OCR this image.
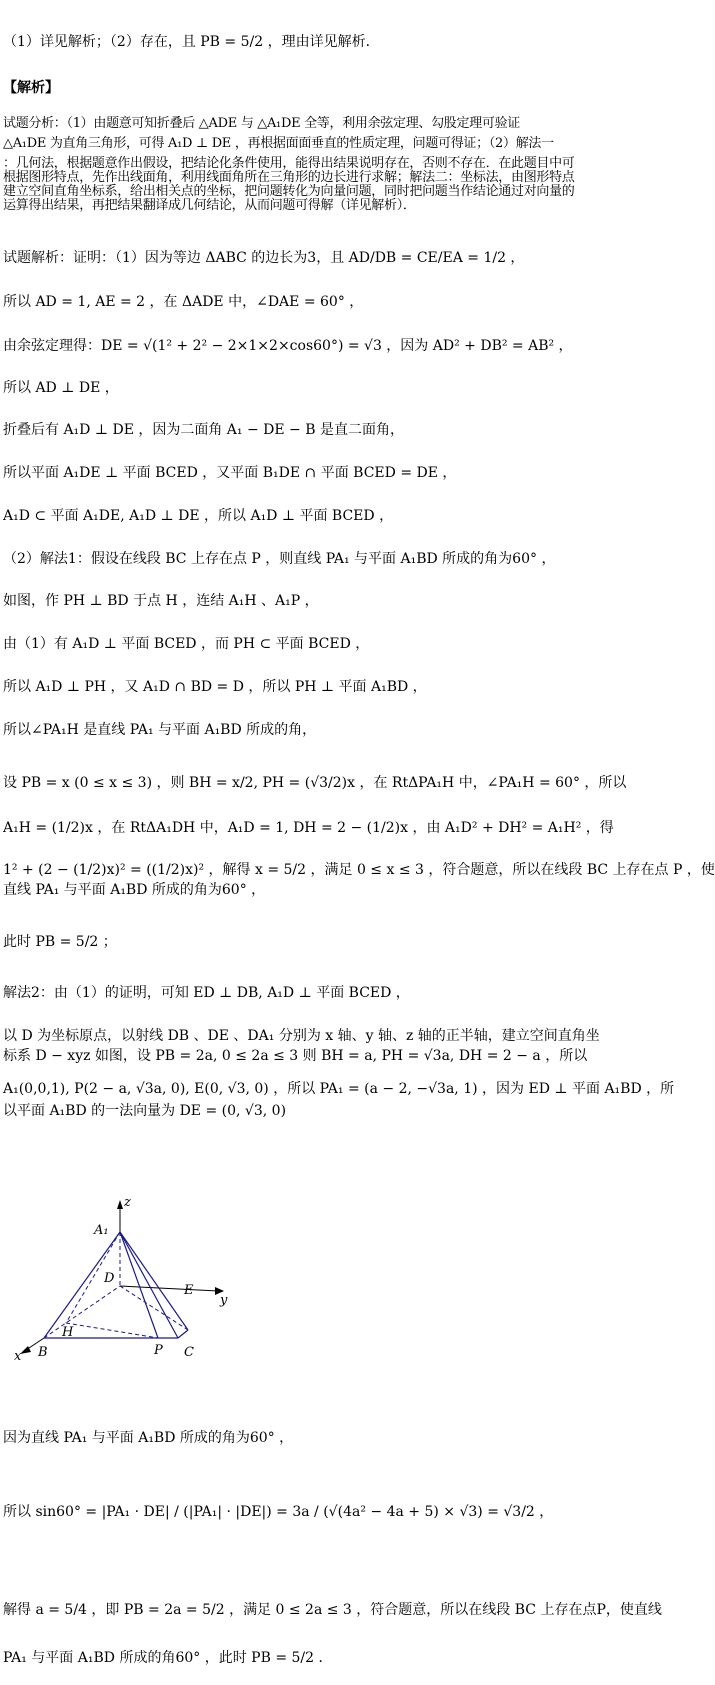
（1）详见解析；（2）存在，且 PB = 5/2 ，理由详见解析．
【解析】
试题分析：（1）由题意可知折叠后 △ADE 与 △A₁DE 全等，利用余弦定理、勾股定理可验证
△A₁DE 为直角三角形，可得 A₁D ⊥ DE ，再根据面面垂直的性质定理，问题可得证；（2）解法一
：几何法，根据题意作出假设，把结论化条件使用，能得出结果说明存在，否则不存在．在此题目中可
根据图形特点，先作出线面角，利用线面角所在三角形的边长进行求解；解法二：坐标法，由图形特点
建立空间直角坐标系，给出相关点的坐标，把问题转化为向量问题，同时把问题当作结论通过对向量的
运算得出结果，再把结果翻译成几何结论，从而问题可得解（详见解析）．
试题解析：证明：（1）因为等边 ΔABC 的边长为3，且 AD/DB = CE/EA = 1/2 ，
所以 AD = 1, AE = 2 ，在 ΔADE 中，∠DAE = 60° ，
由余弦定理得：DE = √(1² + 2² − 2×1×2×cos60°) = √3 ，因为 AD² + DB² = AB² ，
所以 AD ⊥ DE ，
折叠后有 A₁D ⊥ DE ，因为二面角 A₁ − DE − B 是直二面角，
所以平面 A₁DE ⊥ 平面 BCED ，又平面 B₁DE ∩ 平面 BCED = DE ，
A₁D ⊂ 平面 A₁DE, A₁D ⊥ DE ，所以 A₁D ⊥ 平面 BCED ，
（2）解法1：假设在线段 BC 上存在点 P ，则直线 PA₁ 与平面 A₁BD 所成的角为60° ，
如图，作 PH ⊥ BD 于点 H ，连结 A₁H 、A₁P ，
由（1）有 A₁D ⊥ 平面 BCED ，而 PH ⊂ 平面 BCED ，
所以 A₁D ⊥ PH ，又 A₁D ∩ BD = D ，所以 PH ⊥ 平面 A₁BD ，
所以∠PA₁H 是直线 PA₁ 与平面 A₁BD 所成的角，
设 PB = x (0 ≤ x ≤ 3) ，则 BH = x/2, PH = (√3/2)x ，在 RtΔPA₁H 中，∠PA₁H = 60° ，所以
A₁H = (1/2)x ，在 RtΔA₁DH 中，A₁D = 1, DH = 2 − (1/2)x ，由 A₁D² + DH² = A₁H² ，得
1² + (2 − (1/2)x)² = ((1/2)x)² ，解得 x = 5/2 ，满足 0 ≤ x ≤ 3 ，符合题意，所以在线段 BC 上存在点 P ，使
直线 PA₁ 与平面 A₁BD 所成的角为60° ，
此时 PB = 5/2 ；
解法2：由（1）的证明，可知 ED ⊥ DB, A₁D ⊥ 平面 BCED ，
以 D 为坐标原点，以射线 DB 、DE 、DA₁ 分别为 x 轴、y 轴、z 轴的正半轴，建立空间直角坐
标系 D − xyz 如图，设 PB = 2a, 0 ≤ 2a ≤ 3 则 BH = a, PH = √3a, DH = 2 − a ，所以
A₁(0,0,1), P(2 − a, √3a, 0), E(0, √3, 0) ，所以 PA₁ = (a − 2, −√3a, 1) ，因为 ED ⊥ 平面 A₁BD ，所
以平面 A₁BD 的一法向量为 DE = (0, √3, 0)
z
A₁
D
E
y
x
H
B	P C
因为直线 PA₁ 与平面 A₁BD 所成的角为60° ，
所以 sin60° = |PA₁ · DE| / (|PA₁| · |DE|) = 3a / (√(4a² − 4a + 5) × √3) = √3/2 ，
解得 a = 5/4 ，即 PB = 2a = 5/2 ，满足 0 ≤ 2a ≤ 3 ，符合题意，所以在线段 BC 上存在点P，使直线
PA₁ 与平面 A₁BD 所成的角60° ，此时 PB = 5/2 ．
